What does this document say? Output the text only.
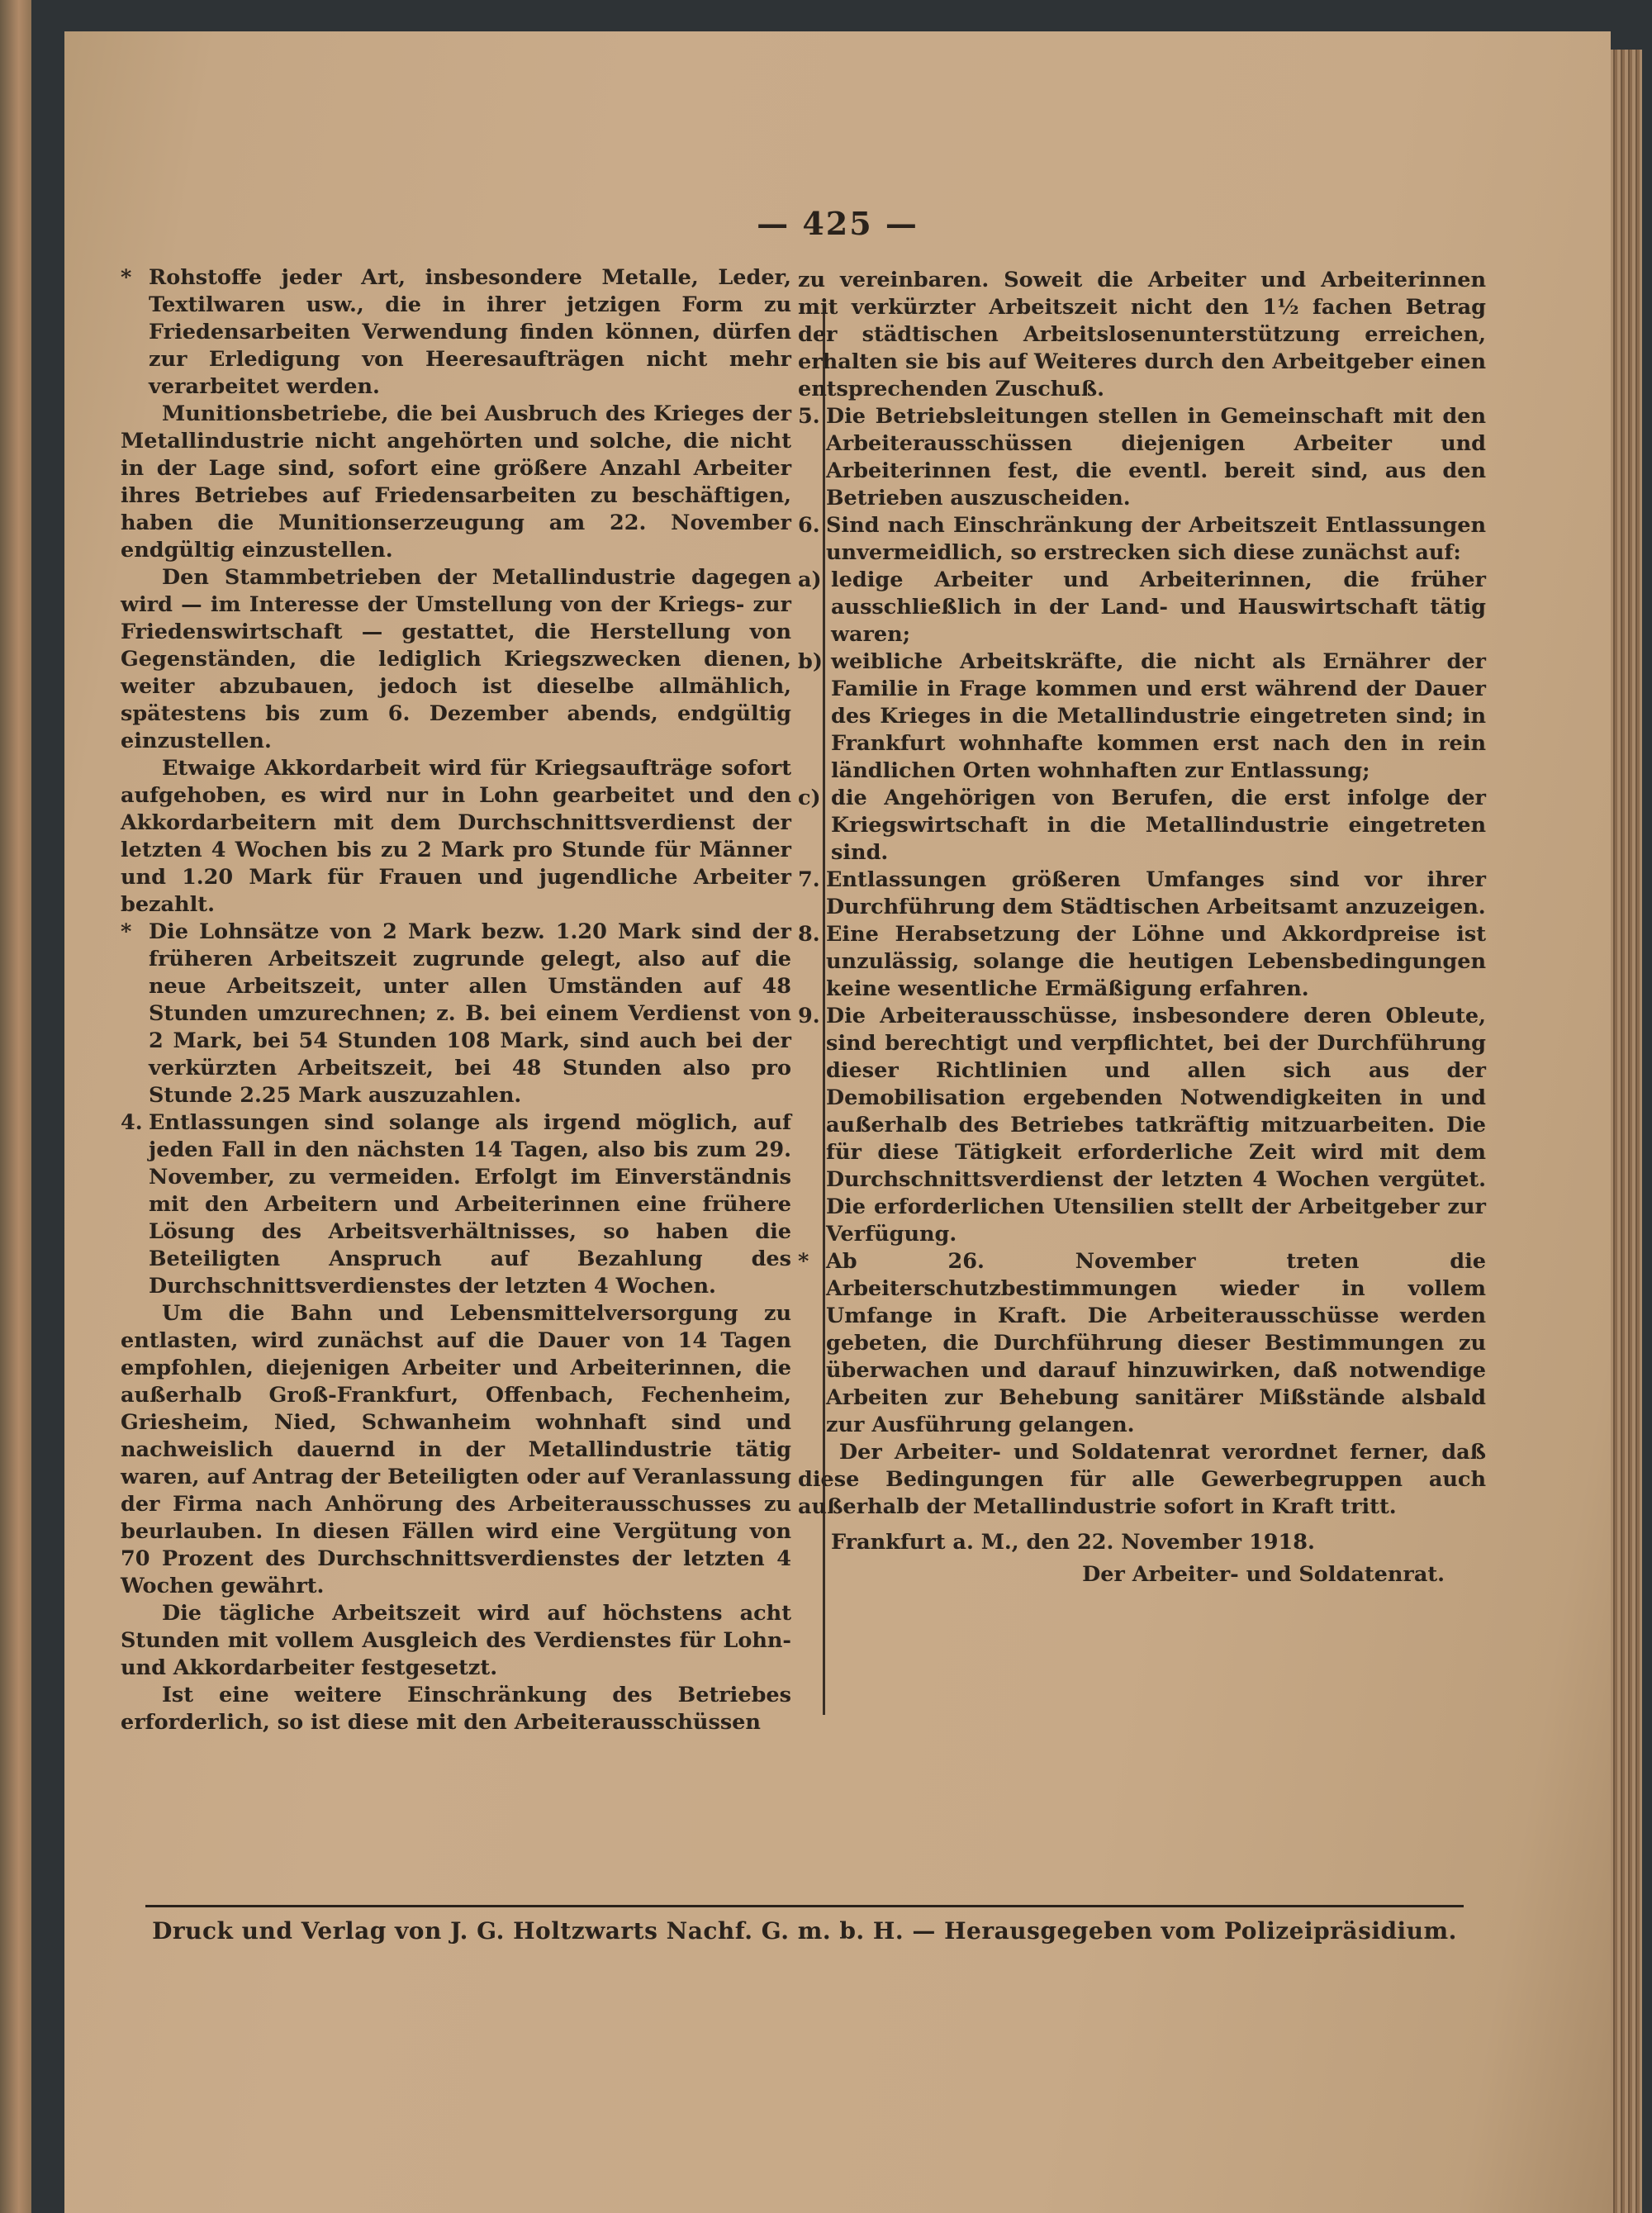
— 425 —

* Rohstoffe jeder Art, insbesondere Metalle, Leder, Textilwaren usw., die in ihrer jetzigen Form zu Friedensarbeiten Verwendung finden können, dürfen zur Erledigung von Heeresaufträgen nicht mehr verarbeitet werden.

Munitionsbetriebe, die bei Ausbruch des Krieges der Metallindustrie nicht angehörten und solche, die nicht in der Lage sind, sofort eine größere Anzahl Arbeiter ihres Betriebes auf Friedensarbeiten zu beschäftigen, haben die Munitionserzeugung am 22. November endgültig einzustellen.

Den Stammbetrieben der Metallindustrie dagegen wird — im Interesse der Umstellung von der Kriegs- zur Friedenswirtschaft — gestattet, die Herstellung von Gegenständen, die lediglich Kriegszwecken dienen, weiter abzubauen, jedoch ist dieselbe allmählich, spätestens bis zum 6. Dezember abends, endgültig einzustellen.

Etwaige Akkordarbeit wird für Kriegsaufträge sofort aufgehoben, es wird nur in Lohn gearbeitet und den Akkordarbeitern mit dem Durchschnittsverdienst der letzten 4 Wochen bis zu 2 Mark pro Stunde für Männer und 1.20 Mark für Frauen und jugendliche Arbeiter bezahlt.

* Die Lohnsätze von 2 Mark bezw. 1.20 Mark sind der früheren Arbeitszeit zugrunde gelegt, also auf die neue Arbeitszeit, unter allen Umständen auf 48 Stunden umzurechnen; z. B. bei einem Verdienst von 2 Mark, bei 54 Stunden 108 Mark, sind auch bei der verkürzten Arbeitszeit, bei 48 Stunden also pro Stunde 2.25 Mark auszuzahlen.

4. Entlassungen sind solange als irgend möglich, auf jeden Fall in den nächsten 14 Tagen, also bis zum 29. November, zu vermeiden. Erfolgt im Einverständnis mit den Arbeitern und Arbeiterinnen eine frühere Lösung des Arbeitsverhältnisses, so haben die Beteiligten Anspruch auf Bezahlung des Durchschnittsverdienstes der letzten 4 Wochen.

Um die Bahn und Lebensmittelversorgung zu entlasten, wird zunächst auf die Dauer von 14 Tagen empfohlen, diejenigen Arbeiter und Arbeiterinnen, die außerhalb Groß-Frankfurt, Offenbach, Fechenheim, Griesheim, Nied, Schwanheim wohnhaft sind und nachweislich dauernd in der Metallindustrie tätig waren, auf Antrag der Beteiligten oder auf Veranlassung der Firma nach Anhörung des Arbeiterausschusses zu beurlauben. In diesen Fällen wird eine Vergütung von 70 Prozent des Durchschnittsverdienstes der letzten 4 Wochen gewährt.

Die tägliche Arbeitszeit wird auf höchstens acht Stunden mit vollem Ausgleich des Verdienstes für Lohn- und Akkordarbeiter festgesetzt.

Ist eine weitere Einschränkung des Betriebes erforderlich, so ist diese mit den Arbeiterausschüssen

zu vereinbaren. Soweit die Arbeiter und Arbeiterinnen mit verkürzter Arbeitszeit nicht den 1½ fachen Betrag der städtischen Arbeitslosenunterstützung erreichen, erhalten sie bis auf Weiteres durch den Arbeitgeber einen entsprechenden Zuschuß.

5. Die Betriebsleitungen stellen in Gemeinschaft mit den Arbeiterausschüssen diejenigen Arbeiter und Arbeiterinnen fest, die eventl. bereit sind, aus den Betrieben auszuscheiden.

6. Sind nach Einschränkung der Arbeitszeit Entlassungen unvermeidlich, so erstrecken sich diese zunächst auf:

a) ledige Arbeiter und Arbeiterinnen, die früher ausschließlich in der Land- und Hauswirtschaft tätig waren;

b) weibliche Arbeitskräfte, die nicht als Ernährer der Familie in Frage kommen und erst während der Dauer des Krieges in die Metallindustrie eingetreten sind; in Frankfurt wohnhafte kommen erst nach den in rein ländlichen Orten wohnhaften zur Entlassung;

c) die Angehörigen von Berufen, die erst infolge der Kriegswirtschaft in die Metallindustrie eingetreten sind.

7. Entlassungen größeren Umfanges sind vor ihrer Durchführung dem Städtischen Arbeitsamt anzuzeigen.

8. Eine Herabsetzung der Löhne und Akkordpreise ist unzulässig, solange die heutigen Lebensbedingungen keine wesentliche Ermäßigung erfahren.

9. Die Arbeiterausschüsse, insbesondere deren Obleute, sind berechtigt und verpflichtet, bei der Durchführung dieser Richtlinien und allen sich aus der Demobilisation ergebenden Notwendigkeiten in und außerhalb des Betriebes tatkräftig mitzuarbeiten. Die für diese Tätigkeit erforderliche Zeit wird mit dem Durchschnittsverdienst der letzten 4 Wochen vergütet. Die erforderlichen Utensilien stellt der Arbeitgeber zur Verfügung.

* Ab 26. November treten die Arbeiterschutzbestimmungen wieder in vollem Umfange in Kraft. Die Arbeiterausschüsse werden gebeten, die Durchführung dieser Bestimmungen zu überwachen und darauf hinzuwirken, daß notwendige Arbeiten zur Behebung sanitärer Mißstände alsbald zur Ausführung gelangen.

Der Arbeiter- und Soldatenrat verordnet ferner, daß diese Bedingungen für alle Gewerbegruppen auch außerhalb der Metallindustrie sofort in Kraft tritt.

Frankfurt a. M., den 22. November 1918.

Der Arbeiter- und Soldatenrat.

Druck und Verlag von J. G. Holtzwarts Nachf. G. m. b. H. — Herausgegeben vom Polizeipräsidium.
